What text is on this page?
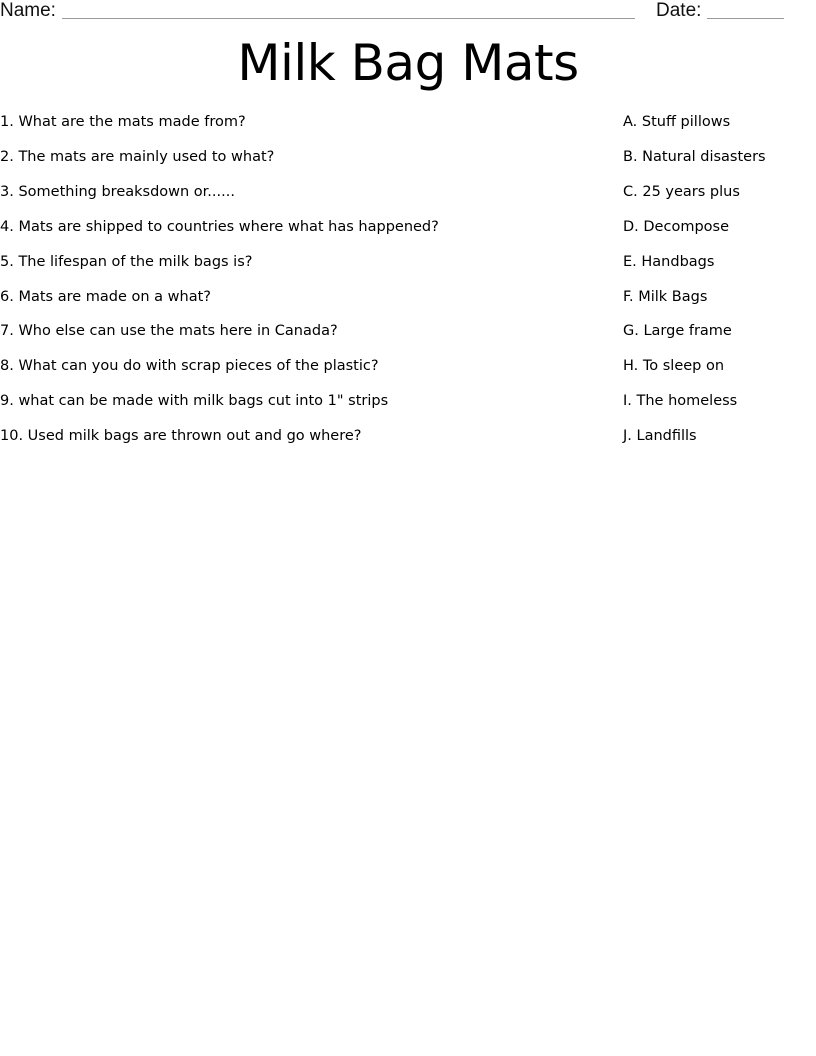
Name:	Date:
Milk Bag Mats
1. What are the mats made from?
2. The mats are mainly used to what?
3. Something breaksdown or......
4. Mats are shipped to countries where what has happened?
5. The lifespan of the milk bags is?
6. Mats are made on a what?
7. Who else can use the mats here in Canada?
8. What can you do with scrap pieces of the plastic?
9. what can be made with milk bags cut into 1" strips
10. Used milk bags are thrown out and go where?
A. Stuff pillows
B. Natural disasters
C. 25 years plus
D. Decompose
E. Handbags
F. Milk Bags
G. Large frame
H. To sleep on
I. The homeless
J. Landfills
